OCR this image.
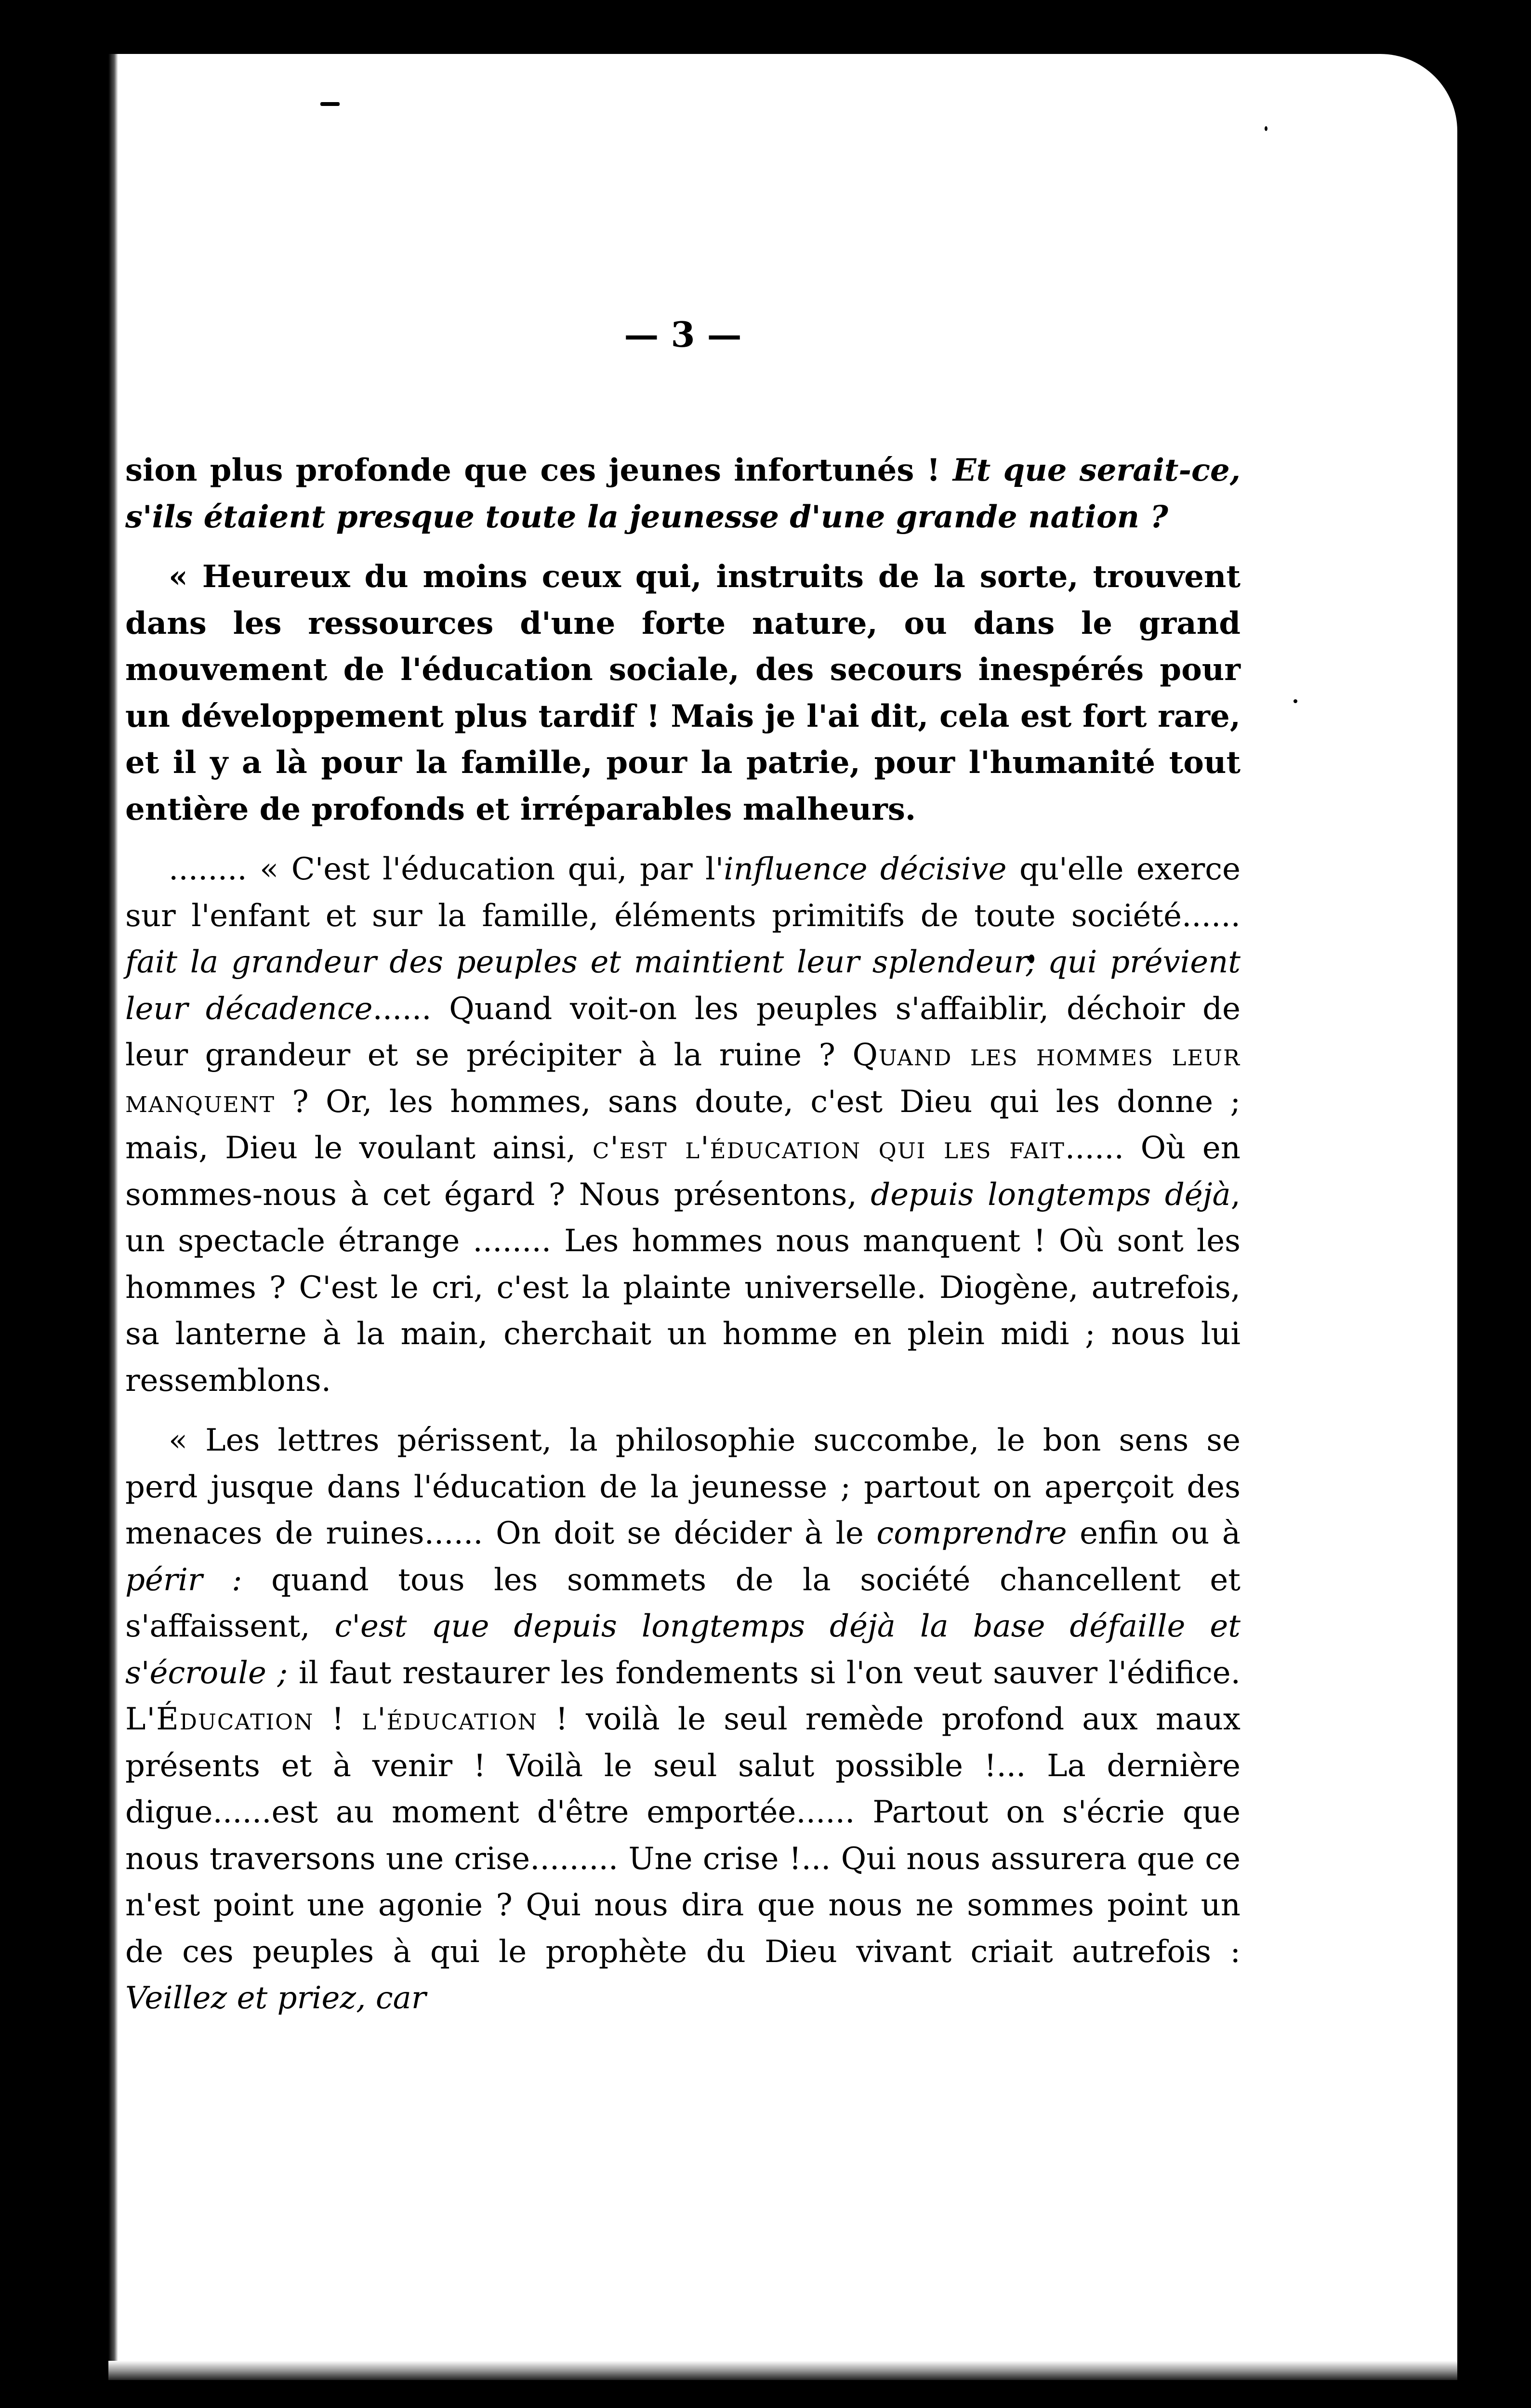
— 3 —

sion plus profonde que ces jeunes infortunés ! Et que serait-ce, s'ils étaient presque toute la jeunesse d'une grande nation ?

« Heureux du moins ceux qui, instruits de la sorte, trouvent dans les ressources d'une forte nature, ou dans le grand mouvement de l'éducation sociale, des secours inespérés pour un développement plus tardif ! Mais je l'ai dit, cela est fort rare, et il y a là pour la famille, pour la patrie, pour l'humanité tout entière de profonds et irréparables malheurs.

........ « C'est l'éducation qui, par l'influence décisive qu'elle exerce sur l'enfant et sur la famille, éléments primitifs de toute société...... fait la grandeur des peuples et maintient leur splendeur, qui prévient leur décadence...... Quand voit-on les peuples s'affaiblir, déchoir de leur grandeur et se précipiter à la ruine ? Quand les hommes leur manquent ? Or, les hommes, sans doute, c'est Dieu qui les donne ; mais, Dieu le voulant ainsi, c'est l'éducation qui les fait...... Où en sommes-nous à cet égard ? Nous présentons, depuis longtemps déjà, un spectacle étrange ........ Les hommes nous manquent ! Où sont les hommes ? C'est le cri, c'est la plainte universelle. Diogène, autrefois, sa lanterne à la main, cherchait un homme en plein midi ; nous lui ressemblons.

« Les lettres périssent, la philosophie succombe, le bon sens se perd jusque dans l'éducation de la jeunesse ; partout on aperçoit des menaces de ruines...... On doit se décider à le comprendre enfin ou à périr : quand tous les sommets de la société chancellent et s'affaissent, c'est que depuis longtemps déjà la base défaille et s'écroule ; il faut restaurer les fondements si l'on veut sauver l'édifice. L'Éducation ! l'éducation ! voilà le seul remède profond aux maux présents et à venir ! Voilà le seul salut possible !... La dernière digue......est au moment d'être emportée...... Partout on s'écrie que nous traversons une crise......... Une crise !... Qui nous assurera que ce n'est point une agonie ? Qui nous dira que nous ne sommes point un de ces peuples à qui le prophète du Dieu vivant criait autrefois : Veillez et priez, car
